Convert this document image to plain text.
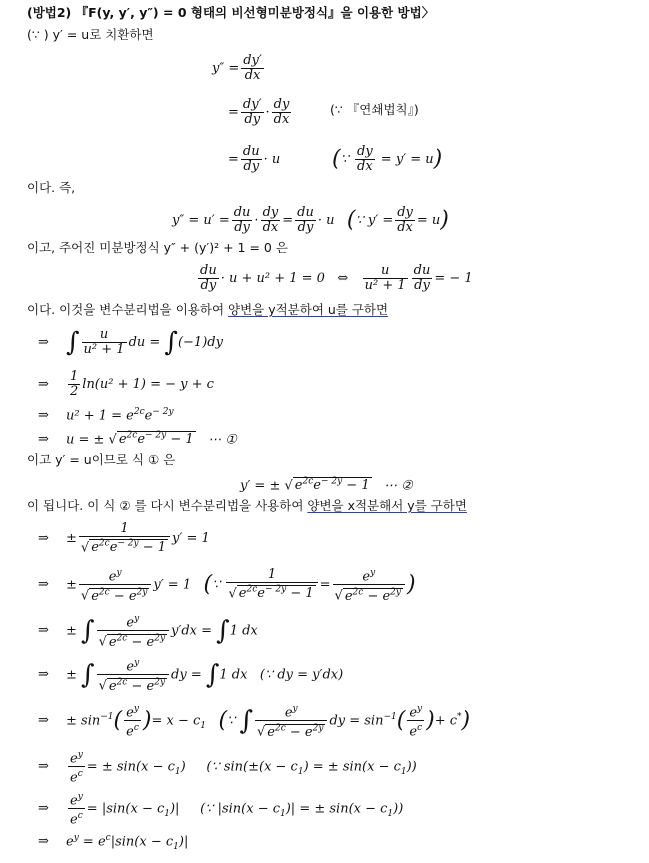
(방법2) 『F(y, y′, y″) = 0 형태의 비선형미분방정식』을 이용한 방법〉
(∵ ) y′ = u로 치환하면
$y'' = \frac{dy'}{dx}$
= $\frac{dy'}{dy} \cdot \frac{dy}{dx}$	(∵ 『연쇄법칙』)
= $\frac{du}{dy} \cdot u$ (∵ $\frac{dy}{dx} = y' = u$)
이다. 즉,
$y'' = u' = \frac{du}{dy} \cdot \frac{dy}{dx} = \frac{du}{dy} \cdot u$   (∵ $y' = \frac{dy}{dx} = u$)
이고, 주어진 미분방정식 y″ + (y′)² + 1 = 0 은
$\frac{du}{dy} \cdot u + u^2 + 1 = 0$   ⇔ $\frac{u}{\text{u² + 1}} \frac{du}{dy}$ = − 1
이다. 이것을 변수분리법을 이용하여 양변을 y적분하여 u를 구하면
⇒ ∫ $\frac{u}{\text{u² + 1}}$ du = ∫(−1)dy
⇒ $\frac{1}{2} \ln(u^2 + 1)$ = − y + c
⇒ $u^2 + 1 = e^{2c}e^{- 2y}$
⇒ u = ± √ $e^{2c}e^{- 2y} - 1$ ⋯ ①
이고 y′ = u이므로 식 ① 은
y′ = ± √ $e^{2c}e^{- 2y} - 1$ ⋯ ②
이 됩니다. 이 식 ② 를 다시 변수분리법을 사용하여 양변을 x적분해서 y를 구하면
⇒ ± $\frac{1}{√ e^{2c}e^{- 2y} - 1} y' = 1$
⇒ ± $\frac{e^y}{√ e^{2c} - e^{2y}} y' = 1$   (∵ $\frac{1}{√ e^{2c}e^{- 2y} - 1} = \frac{e^y}{√ e^{2c} - e^{2y}}$ )
⇒ ± ∫ $\frac{e^y}{√ e^{2c} - e^{2y}} y'dx = \int 1$ dx
⇒ ± ∫ $\frac{e^y}{√ e^{2c} - e^{2y}}$ dy = ∫1 dx   (∵ dy = y′dx)
⇒ ± $\sin^{-1}( \frac{e^y}{e^c}$ )= $x - c_1$ (∵ ∫ $\frac{e^y}{√ e^{2c} - e^{2y}}$ dy = $\sin^{-1}( \frac{e^y}{e^c}$ )+ c*)
⇒ $\frac{e^y}{e^c}$ = ± $\sin(x - c_1)$     (∵ $\sin(\pm(x - c_1)$ = ± $\sin(x - c_1)$)
⇒ $\frac{e^y}{e^c} = |\sin(x - c_1)|$     (∵ $|\sin(x - c_1)|$ = ± $\sin(x - c_1)$)
⇒ $e^y = e^c|\sin(x - c_1)|$
